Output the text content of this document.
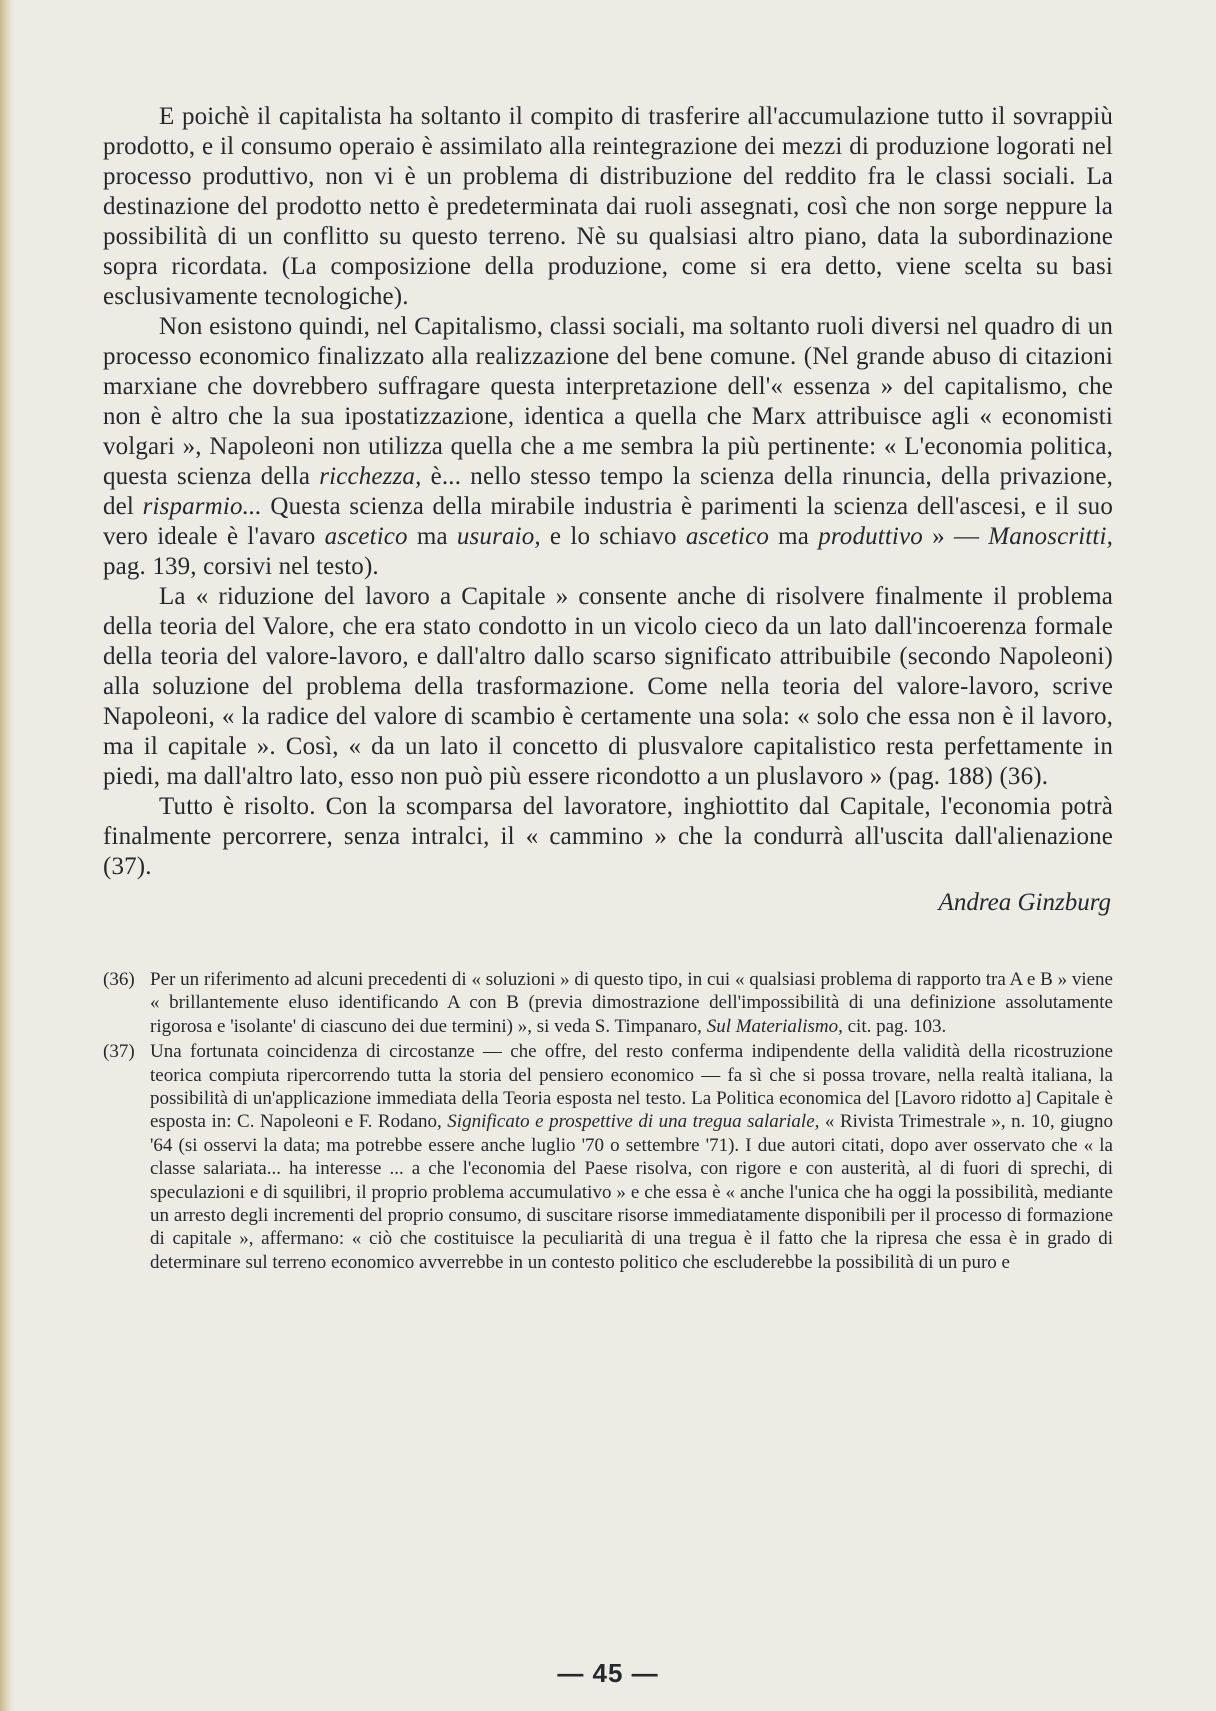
E poichè il capitalista ha soltanto il compito di trasferire all'accumulazione tutto il sovrappiù prodotto, e il consumo operaio è assimilato alla reintegrazione dei mezzi di produzione logorati nel processo produttivo, non vi è un problema di distribuzione del reddito fra le classi sociali. La destinazione del prodotto netto è predeterminata dai ruoli assegnati, così che non sorge neppure la possibilità di un conflitto su questo terreno. Nè su qualsiasi altro piano, data la subordinazione sopra ricordata. (La composizione della produzione, come si era detto, viene scelta su basi esclusivamente tecnologiche).

Non esistono quindi, nel Capitalismo, classi sociali, ma soltanto ruoli diversi nel quadro di un processo economico finalizzato alla realizzazione del bene comune. (Nel grande abuso di citazioni marxiane che dovrebbero suffragare questa interpretazione dell'« essenza » del capitalismo, che non è altro che la sua ipostatizzazione, identica a quella che Marx attribuisce agli « economisti volgari », Napoleoni non utilizza quella che a me sembra la più pertinente: « L'economia politica, questa scienza della ricchezza, è... nello stesso tempo la scienza della rinuncia, della privazione, del risparmio... Questa scienza della mirabile industria è parimenti la scienza dell'ascesi, e il suo vero ideale è l'avaro ascetico ma usuraio, e lo schiavo ascetico ma produttivo » — Manoscritti, pag. 139, corsivi nel testo).

La « riduzione del lavoro a Capitale » consente anche di risolvere finalmente il problema della teoria del Valore, che era stato condotto in un vicolo cieco da un lato dall'incoerenza formale della teoria del valore-lavoro, e dall'altro dallo scarso significato attribuibile (secondo Napoleoni) alla soluzione del problema della trasformazione. Come nella teoria del valore-lavoro, scrive Napoleoni, « la radice del valore di scambio è certamente una sola: « solo che essa non è il lavoro, ma il capitale ». Così, « da un lato il concetto di plusvalore capitalistico resta perfettamente in piedi, ma dall'altro lato, esso non può più essere ricondotto a un pluslavoro » (pag. 188) (36).

Tutto è risolto. Con la scomparsa del lavoratore, inghiottito dal Capitale, l'economia potrà finalmente percorrere, senza intralci, il « cammino » che la condurrà all'uscita dall'alienazione (37).

Andrea Ginzburg
(36) Per un riferimento ad alcuni precedenti di « soluzioni » di questo tipo, in cui « qualsiasi problema di rapporto tra A e B » viene « brillantemente eluso identificando A con B (previa dimostrazione dell'impossibilità di una definizione assolutamente rigorosa e 'isolante' di ciascuno dei due termini) », si veda S. Timpanaro, Sul Materialismo, cit. pag. 103.
(37) Una fortunata coincidenza di circostanze — che offre, del resto conferma indipendente della validità della ricostruzione teorica compiuta ripercorrendo tutta la storia del pensiero economico — fa sì che si possa trovare, nella realtà italiana, la possibilità di un'applicazione immediata della Teoria esposta nel testo. La Politica economica del [Lavoro ridotto a] Capitale è esposta in: C. Napoleoni e F. Rodano, Significato e prospettive di una tregua salariale, « Rivista Trimestrale », n. 10, giugno '64 (si osservi la data; ma potrebbe essere anche luglio '70 o settembre '71). I due autori citati, dopo aver osservato che « la classe salariata... ha interesse ... a che l'economia del Paese risolva, con rigore e con austerità, al di fuori di sprechi, di speculazioni e di squilibri, il proprio problema accumulativo » e che essa è « anche l'unica che ha oggi la possibilità, mediante un arresto degli incrementi del proprio consumo, di suscitare risorse immediatamente disponibili per il processo di formazione di capitale », affermano: « ciò che costituisce la peculiarità di una tregua è il fatto che la ripresa che essa è in grado di determinare sul terreno economico avverrebbe in un contesto politico che escluderebbe la possibilità di un puro e
— 45 —
